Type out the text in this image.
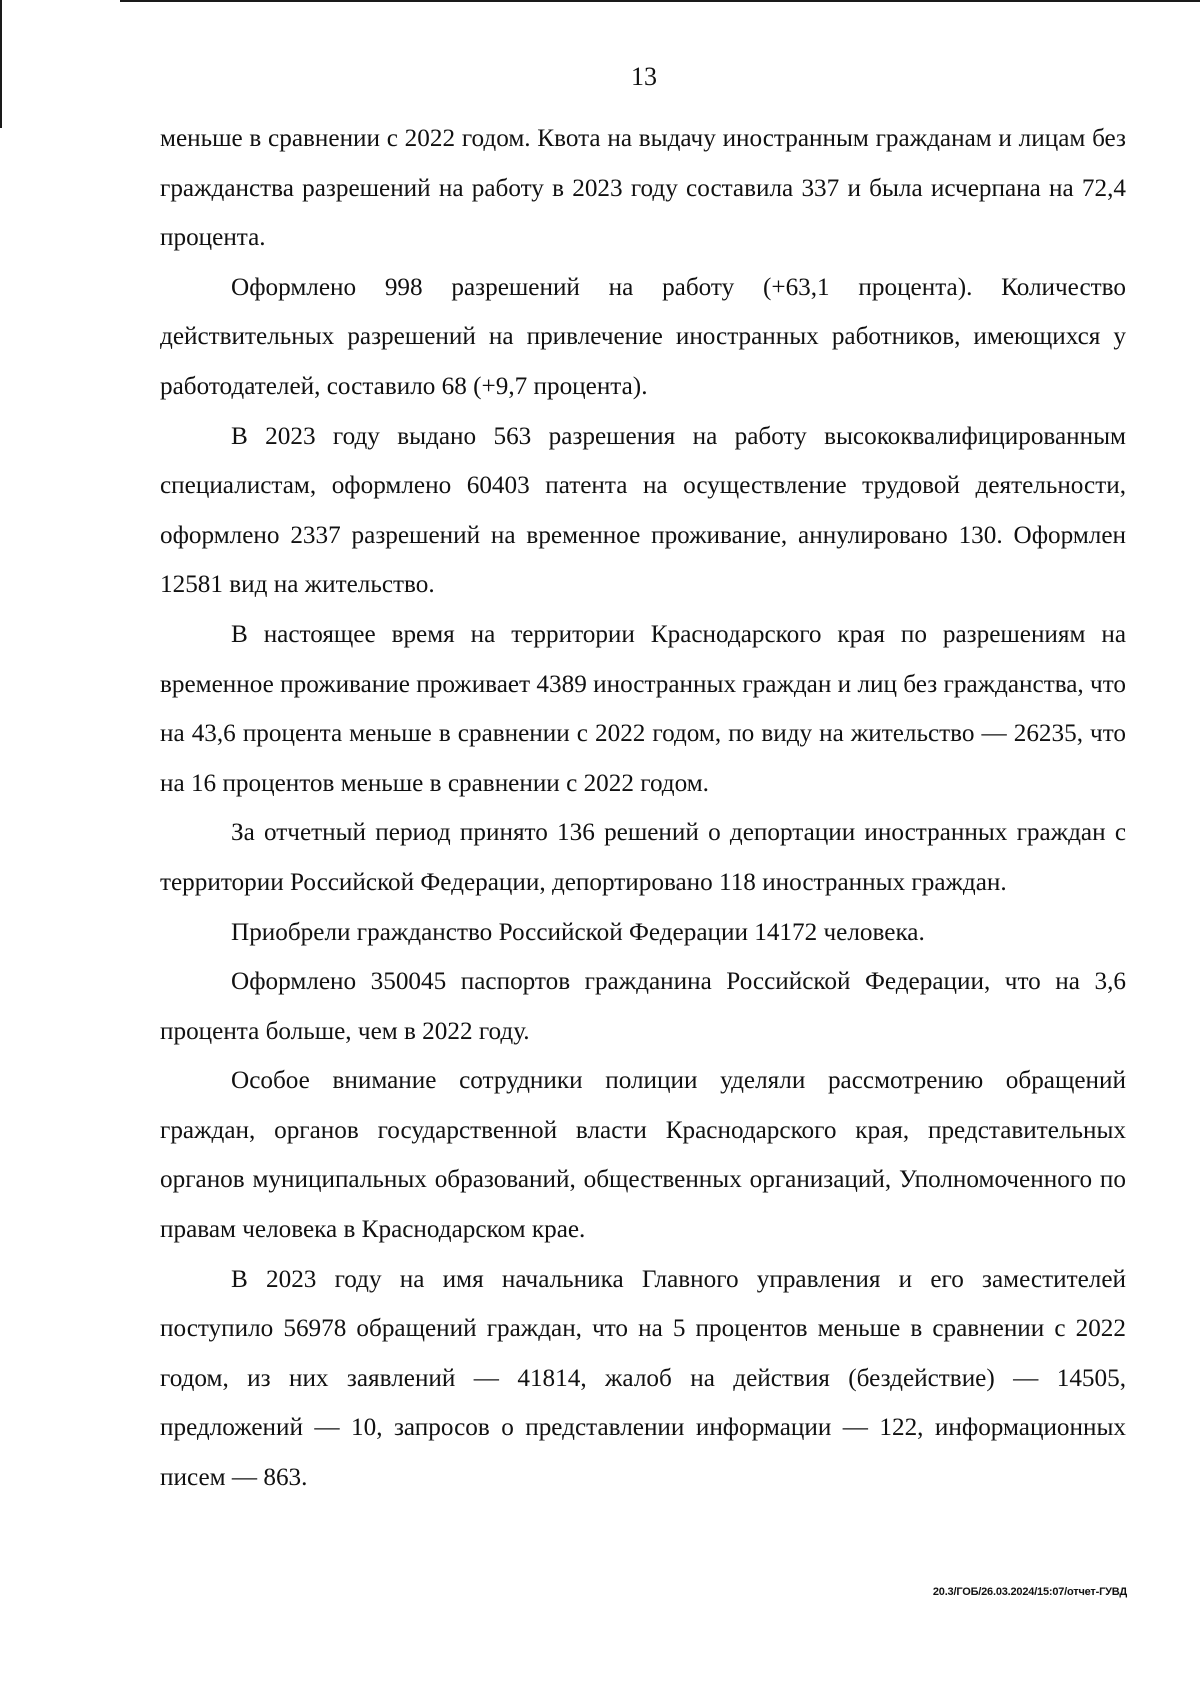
13

меньше в сравнении с 2022 годом. Квота на выдачу иностранным гражданам и лицам без гражданства разрешений на работу в 2023 году составила 337 и была исчерпана на 72,4 процента.

Оформлено 998 разрешений на работу (+63,1 процента). Количество действительных разрешений на привлечение иностранных работников, имеющихся у работодателей, составило 68 (+9,7 процента).

В 2023 году выдано 563 разрешения на работу высококвалифицированным специалистам, оформлено 60403 патента на осуществление трудовой деятельности, оформлено 2337 разрешений на временное проживание, аннулировано 130. Оформлен 12581 вид на жительство.

В настоящее время на территории Краснодарского края по разрешениям на временное проживание проживает 4389 иностранных граждан и лиц без гражданства, что на 43,6 процента меньше в сравнении с 2022 годом, по виду на жительство — 26235, что на 16 процентов меньше в сравнении с 2022 годом.

За отчетный период принято 136 решений о депортации иностранных граждан с территории Российской Федерации, депортировано 118 иностранных граждан.

Приобрели гражданство Российской Федерации 14172 человека.

Оформлено 350045 паспортов гражданина Российской Федерации, что на 3,6 процента больше, чем в 2022 году.

Особое внимание сотрудники полиции уделяли рассмотрению обращений граждан, органов государственной власти Краснодарского края, представительных органов муниципальных образований, общественных организаций, Уполномоченного по правам человека в Краснодарском крае.

В 2023 году на имя начальника Главного управления и его заместителей поступило 56978 обращений граждан, что на 5 процентов меньше в сравнении с 2022 годом, из них заявлений — 41814, жалоб на действия (бездействие) — 14505, предложений — 10, запросов о представлении информации — 122, информационных писем — 863.

20.3/ГОБ/26.03.2024/15:07/отчет-ГУВД
